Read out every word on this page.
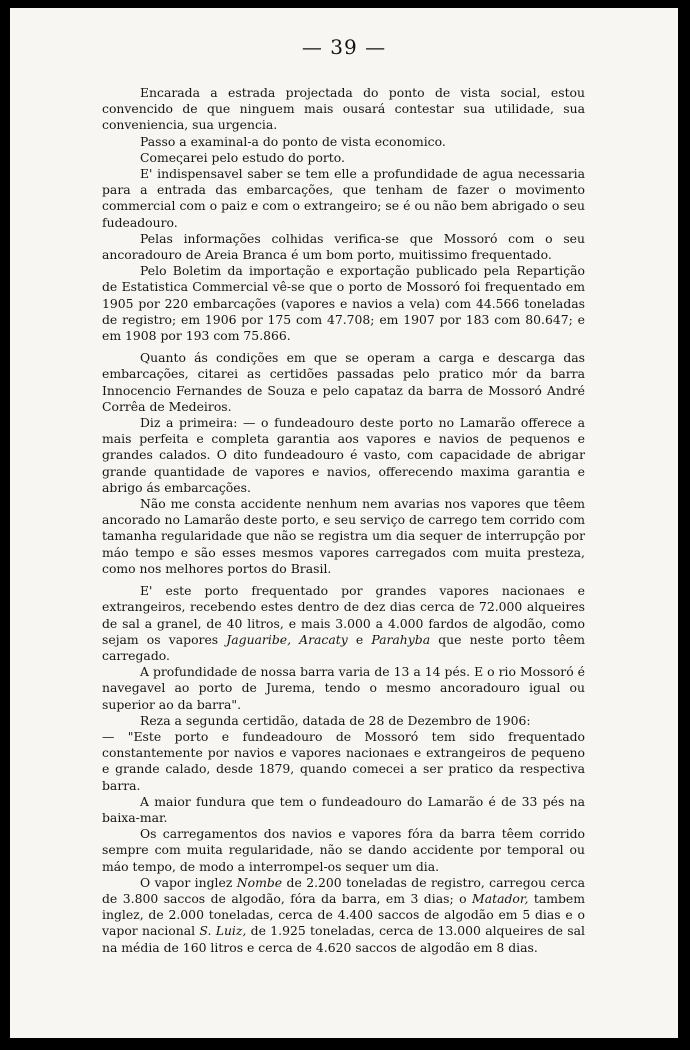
— 39 —

Encarada a estrada projectada do ponto de vista social, estou convencido de que ninguem mais ousará contestar sua utilidade, sua conveniencia, sua urgencia.

Passo a examinal-a do ponto de vista economico.

Comeςarei pelo estudo do porto.

E' indispensavel saber se tem elle a profundidade de agua necessaria para a entrada das embarcações, que tenham de fazer o movimento commercial com o paiz e com o extrangeiro; se é ou não bem abrigado o seu fudeadouro.

Pelas informações colhidas verifica-se que Mossoró com o seu ancoradouro de Areia Branca é um bom porto, muitissimo frequentado.

Pelo Boletim da importação e exportação publicado pela Repartição de Estatistica Commercial vê-se que o porto de Mossoró foi frequentado em 1905 por 220 embarcações (vapores e navios a vela) com 44.566 toneladas de registro; em 1906 por 175 com 47.708; em 1907 por 183 com 80.647; e em 1908 por 193 com 75.866.

Quanto ás condições em que se operam a carga e descarga das embarcações, citarei as certidões passadas pelo pratico mór da barra Innocencio Fernandes de Souza e pelo capataz da barra de Mossoró André Corrêa de Medeiros.

Diz a primeira: — o fundeadouro deste porto no Lamarão offerece a mais perfeita e completa garantia aos vapores e navios de pequenos e grandes calados. O dito fundeadouro é vasto, com capacidade de abrigar grande quantidade de vapores e navios, offerecendo maxima garantia e abrigo ás embarcações.

Não me consta accidente nenhum nem avarias nos vapores que têem ancorado no Lamarão deste porto, e seu serviço de carrego tem corrido com tamanha regularidade que não se registra um dia sequer de interrupção por máo tempo e são esses mesmos vapores carregados com muita presteza, como nos melhores portos do Brasil.

E' este porto frequentado por grandes vapores nacionaes e extrangeiros, recebendo estes dentro de dez dias cerca de 72.000 alqueires de sal a granel, de 40 litros, e mais 3.000 a 4.000 fardos de algodão, como sejam os vapores Jaguaribe, Aracaty e Parahyba que neste porto têem carregado.

A profundidade de nossa barra varia de 13 a 14 pés. E o rio Mossoró é navegavel ao porto de Jurema, tendo o mesmo ancoradouro igual ou superior ao da barra".

Reza a segunda certidão, datada de 28 de Dezembro de 1906:

— "Este porto e fundeadouro de Mossoró tem sido frequentado constantemente por navios e vapores nacionaes e extrangeiros de pequeno e grande calado, desde 1879, quando comecei a ser pratico da respectiva barra.

A maior fundura que tem o fundeadouro do Lamarão é de 33 pés na baixa-mar.

Os carregamentos dos navios e vapores fóra da barra têem corrido sempre com muita regularidade, não se dando accidente por temporal ou máo tempo, de modo a interrompel-os sequer um dia.

O vapor inglez Nombe de 2.200 toneladas de registro, carregou cerca de 3.800 saccos de algodão, fóra da barra, em 3 dias; o Matador, tambem inglez, de 2.000 toneladas, cerca de 4.400 saccos de algodão em 5 dias e o vapor nacional S. Luiz, de 1.925 toneladas, cerca de 13.000 alqueires de sal na média de 160 litros e cerca de 4.620 saccos de algodão em 8 dias.
